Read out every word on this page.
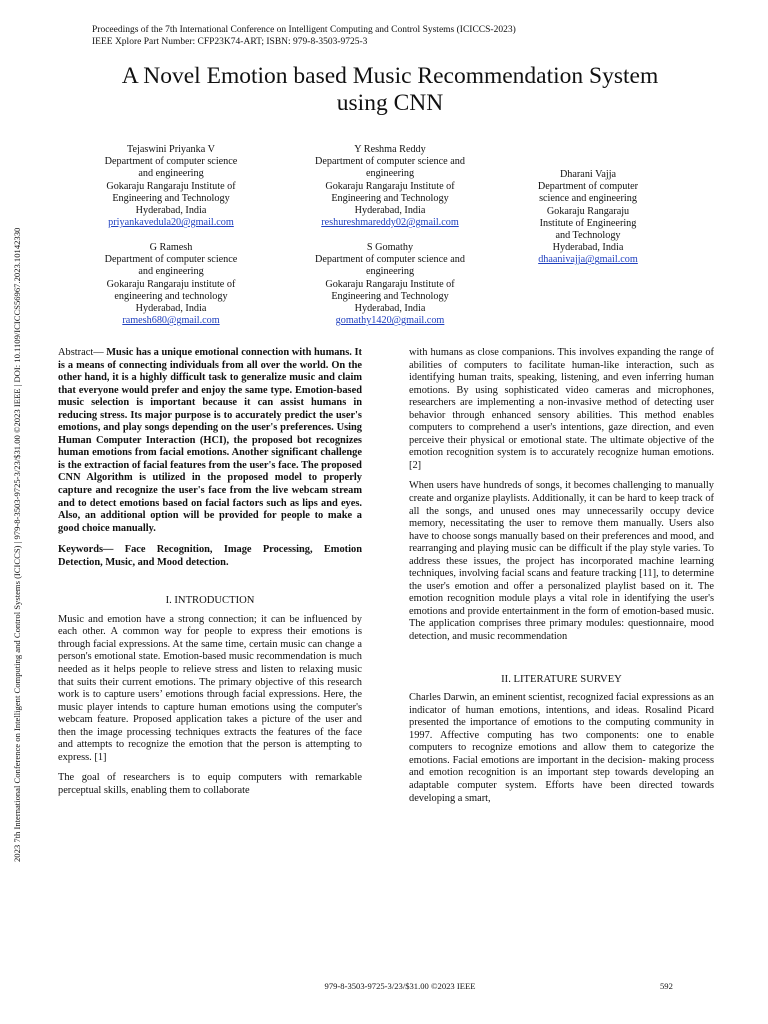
Proceedings of the 7th International Conference on Intelligent Computing and Control Systems (ICICCS-2023)
IEEE Xplore Part Number: CFP23K74-ART; ISBN: 979-8-3503-9725-3
A Novel Emotion based Music Recommendation System
using CNN
2023 7th International Conference on Intelligent Computing and Control Systems (ICICCS) | 979-8-3503-9725-3/23/$31.00 ©2023 IEEE | DOI: 10.1109/ICICCS56967.2023.10142330
Tejaswini Priyanka V
Department of computer science
and engineering
Gokaraju Rangaraju Institute of
Engineering and Technology
Hyderabad, India
priyankavedula20@gmail.com
Y Reshma Reddy
Department of computer science and
engineering
Gokaraju Rangaraju Institute of
Engineering and Technology
Hyderabad, India
reshureshmareddy02@gmail.com
G Ramesh
Department of computer science
and engineering
Gokaraju Rangaraju institute of
engineering and technology
Hyderabad, India
ramesh680@gmail.com
S Gomathy
Department of computer science and
engineering
Gokaraju Rangaraju Institute of
Engineering and Technology
Hyderabad, India
gomathy1420@gmail.com
Dharani Vajja
Department of computer
science and engineering
Gokaraju Rangaraju
Institute of Engineering
and Technology
Hyderabad, India
dhaanivajja@gmail.com

Abstract— Music has a unique emotional connection with humans. It is a means of connecting individuals from all over the world. On the other hand, it is a highly difficult task to generalize music and claim that everyone would prefer and enjoy the same type. Emotion-based music selection is important because it can assist humans in reducing stress. Its major purpose is to accurately predict the user's emotions, and play songs depending on the user's preferences. Using Human Computer Interaction (HCI), the proposed bot recognizes human emotions from facial emotions. Another significant challenge is the extraction of facial features from the user's face. The proposed CNN Algorithm is utilized in the proposed model to properly capture and recognize the user's face from the live webcam stream and to detect emotions based on facial factors such as lips and eyes. Also, an additional option will be provided for people to make a good choice manually.

Keywords— Face Recognition, Image Processing, Emotion Detection, Music, and Mood detection.

I. INTRODUCTION

Music and emotion have a strong connection; it can be influenced by each other. A common way for people to express their emotions is through facial expressions. At the same time, certain music can change a person's emotional state. Emotion-based music recommendation is much needed as it helps people to relieve stress and listen to relaxing music that suits their current emotions. The primary objective of this research work is to capture users’ emotions through facial expressions. Here, the music player intends to capture human emotions using the computer's webcam feature. Proposed application takes a picture of the user and then the image processing techniques extracts the features of the face and attempts to recognize the emotion that the person is attempting to express. [1]

The goal of researchers is to equip computers with remarkable perceptual skills, enabling them to collaborate

with humans as close companions. This involves expanding the range of abilities of computers to facilitate human-like interaction, such as identifying human traits, speaking, listening, and even inferring human emotions. By using sophisticated video cameras and microphones, researchers are implementing a non-invasive method of detecting user behavior through enhanced sensory abilities. This method enables computers to comprehend a user's intentions, gaze direction, and even perceive their physical or emotional state. The ultimate objective of the emotion recognition system is to accurately recognize human emotions. [2]

When users have hundreds of songs, it becomes challenging to manually create and organize playlists. Additionally, it can be hard to keep track of all the songs, and unused ones may unnecessarily occupy device memory, necessitating the user to remove them manually. Users also have to choose songs manually based on their preferences and mood, and rearranging and playing music can be difficult if the play style varies. To address these issues, the project has incorporated machine learning techniques, involving facial scans and feature tracking [11], to determine the user's emotion and offer a personalized playlist based on it. The emotion recognition module plays a vital role in identifying the user's emotions and provide entertainment in the form of emotion-based music. The application comprises three primary modules: questionnaire, mood detection, and music recommendation

II. LITERATURE SURVEY

Charles Darwin, an eminent scientist, recognized facial expressions as an indicator of human emotions, intentions, and ideas. Rosalind Picard presented the importance of emotions to the computing community in 1997. Affective computing has two components: one to enable computers to recognize emotions and allow them to categorize the emotions. Facial emotions are important in the decision- making process and emotion recognition is an important step towards developing an adaptable computer system. Efforts have been directed towards developing a smart,

979-8-3503-9725-3/23/$31.00 ©2023 IEEE	592
